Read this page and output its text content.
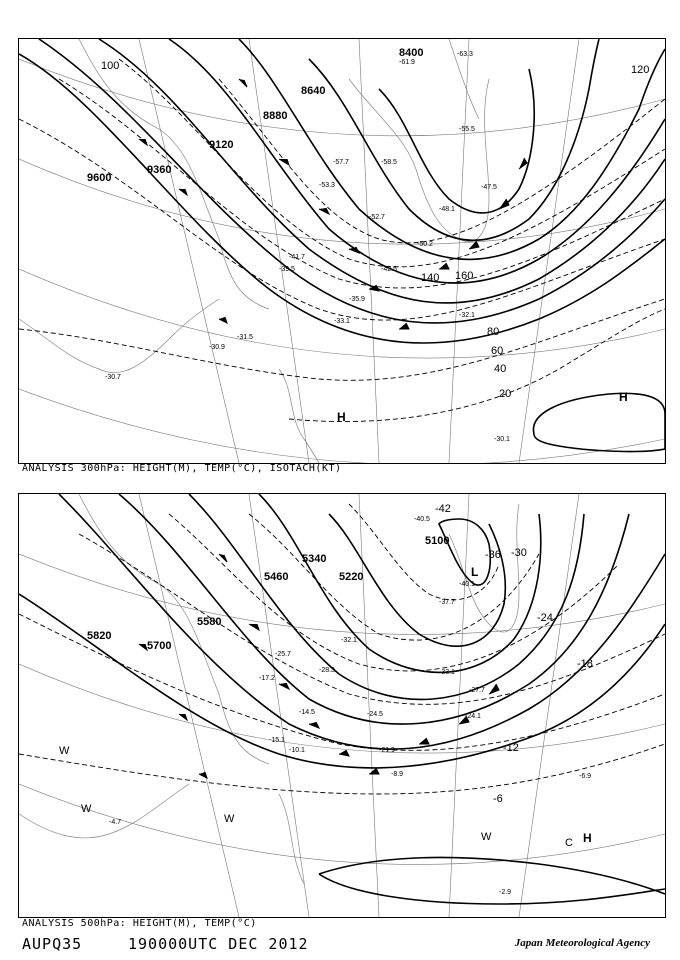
8400
8640
8880
9120
9360
9600
20
40
60
80
100	120
140 160
-30.9
-31.5
-32.1
-33.1
-35.9
-39.5
-41.7
-42.5
-47.5
-48.1
-50.2
-52.7
-53.3
-55.5
-57.7	-58.5
-61.9
-63.3
-30.1
-30.7
H
H
ANALYSIS 300hPa: HEIGHT(M), TEMP(°C), ISOTACH(KT)
5100
5220
5340
5460
5580
5700
5820
-42
-36 -30
-24
-18
-12
-6
-40.5
-40.1
-37.7
-33.1
-32.1
-28.3
-27.7
-25.7
-24.5	-24.1
-21.9
-17.2
-15.1
-14.5
-10.1
-8.9	-6.9
-4.7
-2.9
H
C
L
W
W
W
W
ANALYSIS 500hPa: HEIGHT(M), TEMP(°C)
AUPQ35	190000UTC DEC 2012	Japan Meteorological Agency
